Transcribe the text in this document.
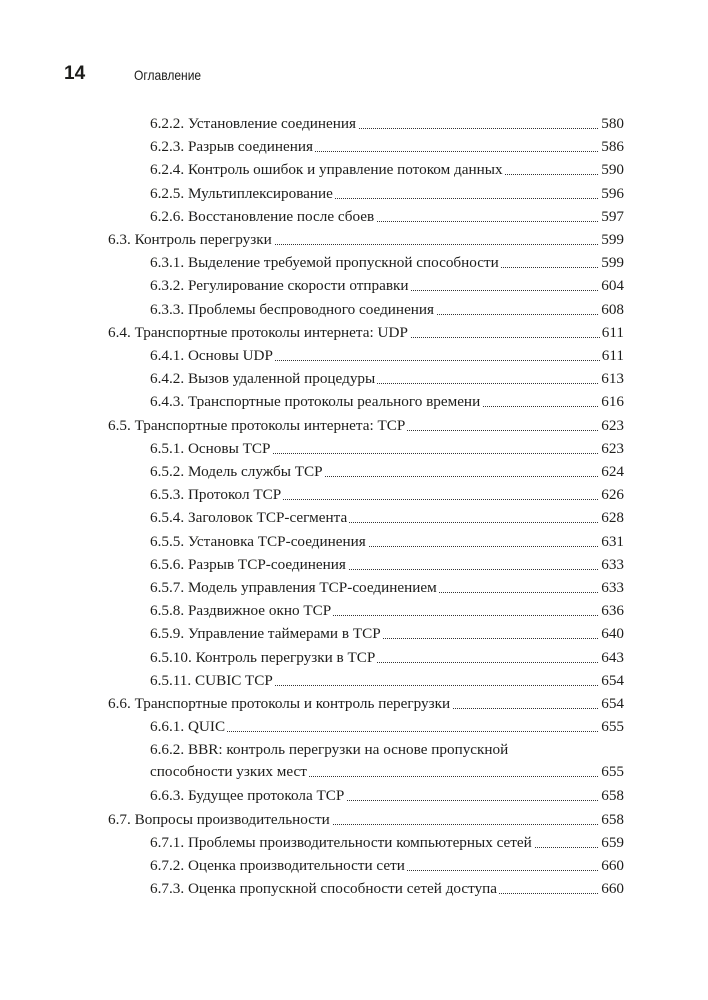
14	Оглавление
6.2.2. Установление соединения	580
6.2.3. Разрыв соединения	586
6.2.4. Контроль ошибок и управление потоком данных	590
6.2.5. Мультиплексирование	596
6.2.6. Восстановление после сбоев	597
6.3. Контроль перегрузки	599
6.3.1. Выделение требуемой пропускной способности	599
6.3.2. Регулирование скорости отправки	604
6.3.3. Проблемы беспроводного соединения	608
6.4. Транспортные протоколы интернета: UDP	611
6.4.1. Основы UDP	611
6.4.2. Вызов удаленной процедуры	613
6.4.3. Транспортные протоколы реального времени	616
6.5. Транспортные протоколы интернета: TCP	623
6.5.1. Основы TCP	623
6.5.2. Модель службы TCP	624
6.5.3. Протокол TCP	626
6.5.4. Заголовок TCP-сегмента	628
6.5.5. Установка TCP-соединения	631
6.5.6. Разрыв TCP-соединения	633
6.5.7. Модель управления TCP-соединением	633
6.5.8. Раздвижное окно TCP	636
6.5.9. Управление таймерами в TCP	640
6.5.10. Контроль перегрузки в TCP	643
6.5.11. CUBIC TCP	654
6.6. Транспортные протоколы и контроль перегрузки	654
6.6.1. QUIC	655
6.6.2. BBR: контроль перегрузки на основе пропускной
способности узких мест	655
6.6.3. Будущее протокола TCP	658
6.7. Вопросы производительности	658
6.7.1. Проблемы производительности компьютерных сетей	659
6.7.2. Оценка производительности сети	660
6.7.3. Оценка пропускной способности сетей доступа	660
